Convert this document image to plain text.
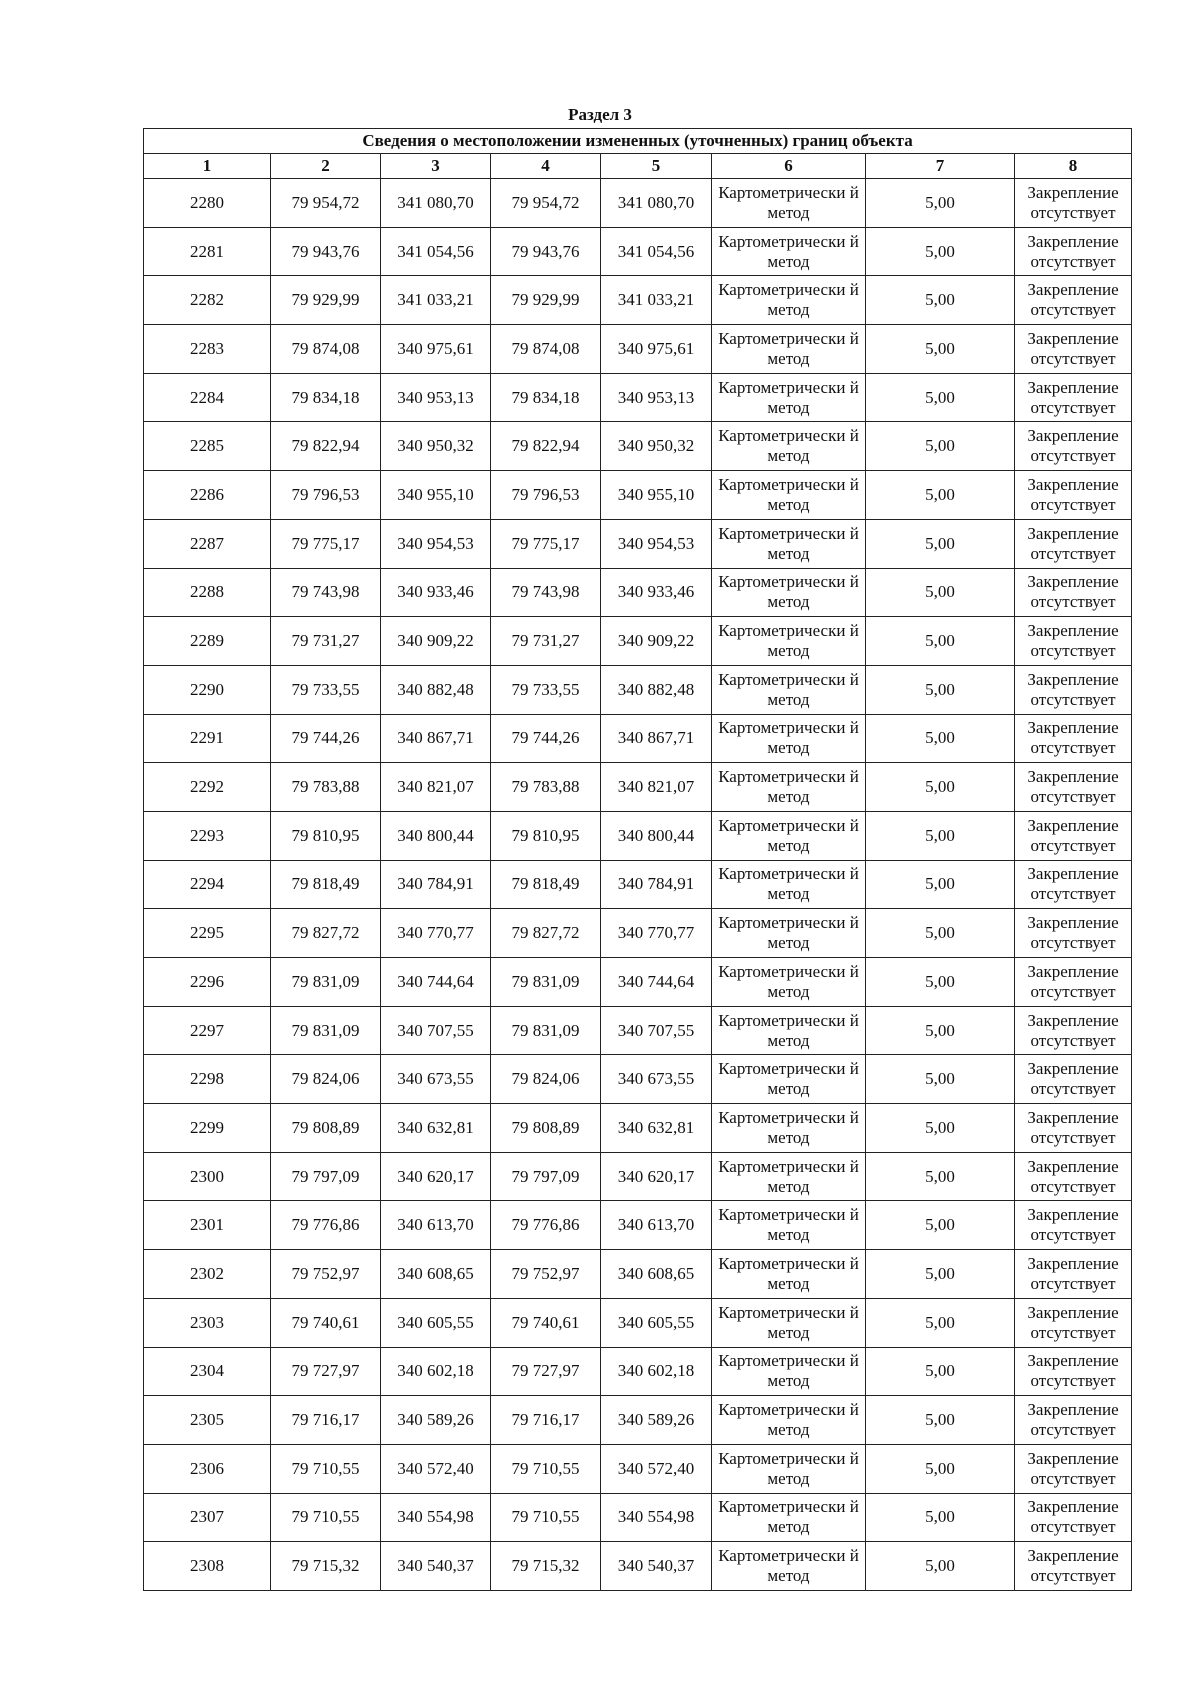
Раздел 3
Сведения о местоположении измененных (уточненных) границ объекта							
1	2	3	4	5	6	7	8
2280	79 954,72	341 080,70	79 954,72	341 080,70	Картометрически й метод	5,00	Закрепление отсутствует
2281	79 943,76	341 054,56	79 943,76	341 054,56	Картометрически й метод	5,00	Закрепление отсутствует
2282	79 929,99	341 033,21	79 929,99	341 033,21	Картометрически й метод	5,00	Закрепление отсутствует
2283	79 874,08	340 975,61	79 874,08	340 975,61	Картометрически й метод	5,00	Закрепление отсутствует
2284	79 834,18	340 953,13	79 834,18	340 953,13	Картометрически й метод	5,00	Закрепление отсутствует
2285	79 822,94	340 950,32	79 822,94	340 950,32	Картометрически й метод	5,00	Закрепление отсутствует
2286	79 796,53	340 955,10	79 796,53	340 955,10	Картометрически й метод	5,00	Закрепление отсутствует
2287	79 775,17	340 954,53	79 775,17	340 954,53	Картометрически й метод	5,00	Закрепление отсутствует
2288	79 743,98	340 933,46	79 743,98	340 933,46	Картометрически й метод	5,00	Закрепление отсутствует
2289	79 731,27	340 909,22	79 731,27	340 909,22	Картометрически й метод	5,00	Закрепление отсутствует
2290	79 733,55	340 882,48	79 733,55	340 882,48	Картометрически й метод	5,00	Закрепление отсутствует
2291	79 744,26	340 867,71	79 744,26	340 867,71	Картометрически й метод	5,00	Закрепление отсутствует
2292	79 783,88	340 821,07	79 783,88	340 821,07	Картометрически й метод	5,00	Закрепление отсутствует
2293	79 810,95	340 800,44	79 810,95	340 800,44	Картометрически й метод	5,00	Закрепление отсутствует
2294	79 818,49	340 784,91	79 818,49	340 784,91	Картометрически й метод	5,00	Закрепление отсутствует
2295	79 827,72	340 770,77	79 827,72	340 770,77	Картометрически й метод	5,00	Закрепление отсутствует
2296	79 831,09	340 744,64	79 831,09	340 744,64	Картометрически й метод	5,00	Закрепление отсутствует
2297	79 831,09	340 707,55	79 831,09	340 707,55	Картометрически й метод	5,00	Закрепление отсутствует
2298	79 824,06	340 673,55	79 824,06	340 673,55	Картометрически й метод	5,00	Закрепление отсутствует
2299	79 808,89	340 632,81	79 808,89	340 632,81	Картометрически й метод	5,00	Закрепление отсутствует
2300	79 797,09	340 620,17	79 797,09	340 620,17	Картометрически й метод	5,00	Закрепление отсутствует
2301	79 776,86	340 613,70	79 776,86	340 613,70	Картометрически й метод	5,00	Закрепление отсутствует
2302	79 752,97	340 608,65	79 752,97	340 608,65	Картометрически й метод	5,00	Закрепление отсутствует
2303	79 740,61	340 605,55	79 740,61	340 605,55	Картометрически й метод	5,00	Закрепление отсутствует
2304	79 727,97	340 602,18	79 727,97	340 602,18	Картометрически й метод	5,00	Закрепление отсутствует
2305	79 716,17	340 589,26	79 716,17	340 589,26	Картометрически й метод	5,00	Закрепление отсутствует
2306	79 710,55	340 572,40	79 710,55	340 572,40	Картометрически й метод	5,00	Закрепление отсутствует
2307	79 710,55	340 554,98	79 710,55	340 554,98	Картометрически й метод	5,00	Закрепление отсутствует
2308	79 715,32	340 540,37	79 715,32	340 540,37	Картометрически й метод	5,00	Закрепление отсутствует
